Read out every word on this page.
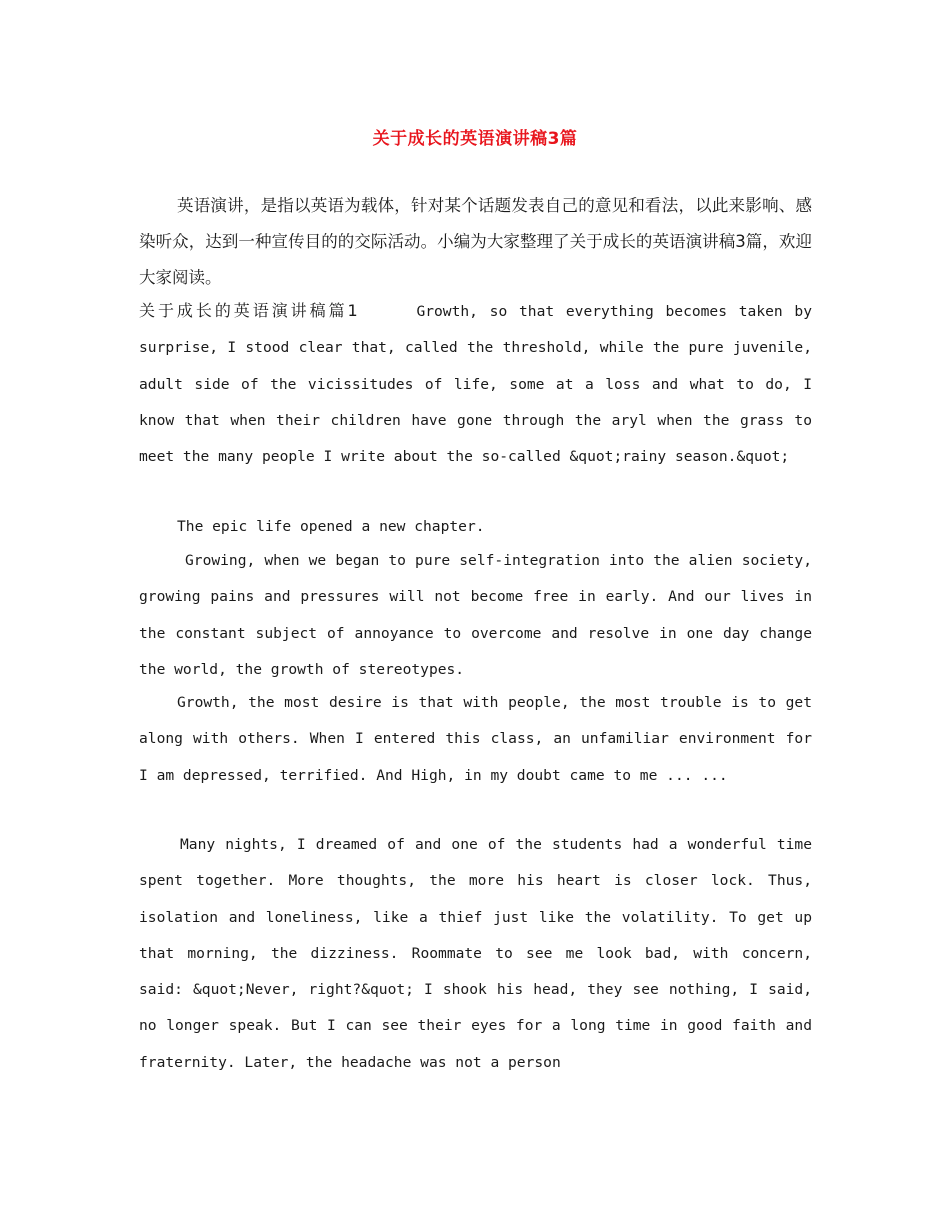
关于成长的英语演讲稿3篇
英语演讲，是指以英语为载体，针对某个话题发表自己的意见和看法，以此来影响、感染听众，达到一种宣传目的的交际活动。小编为大家整理了关于成长的英语演讲稿3篇，欢迎大家阅读。
关于成长的英语演讲稿篇1	Growth, so that everything becomes taken by surprise, I stood clear that, called the threshold, while the pure juvenile, adult side of the vicissitudes of life, some at a loss and what to do, I know that when their children have gone through the aryl when the grass to meet the many people I write about the so-called &quot;rainy season.&quot;
The epic life opened a new chapter.
Growing, when we began to pure self-integration into the alien society, growing pains and pressures will not become free in early. And our lives in the constant subject of annoyance to overcome and resolve in one day change the world, the growth of stereotypes.
Growth, the most desire is that with people, the most trouble is to get along with others. When I entered this class, an unfamiliar environment for I am depressed, terrified. And High, in my doubt came to me ... ...
Many nights, I dreamed of and one of the students had a wonderful time spent together. More thoughts, the more his heart is closer lock. Thus, isolation and loneliness, like a thief just like the volatility. To get up that morning, the dizziness. Roommate to see me look bad, with concern, said: &quot;Never, right?&quot; I shook his head, they see nothing, I said, no longer speak. But I can see their eyes for a long time in good faith and fraternity. Later, the headache was not a person
